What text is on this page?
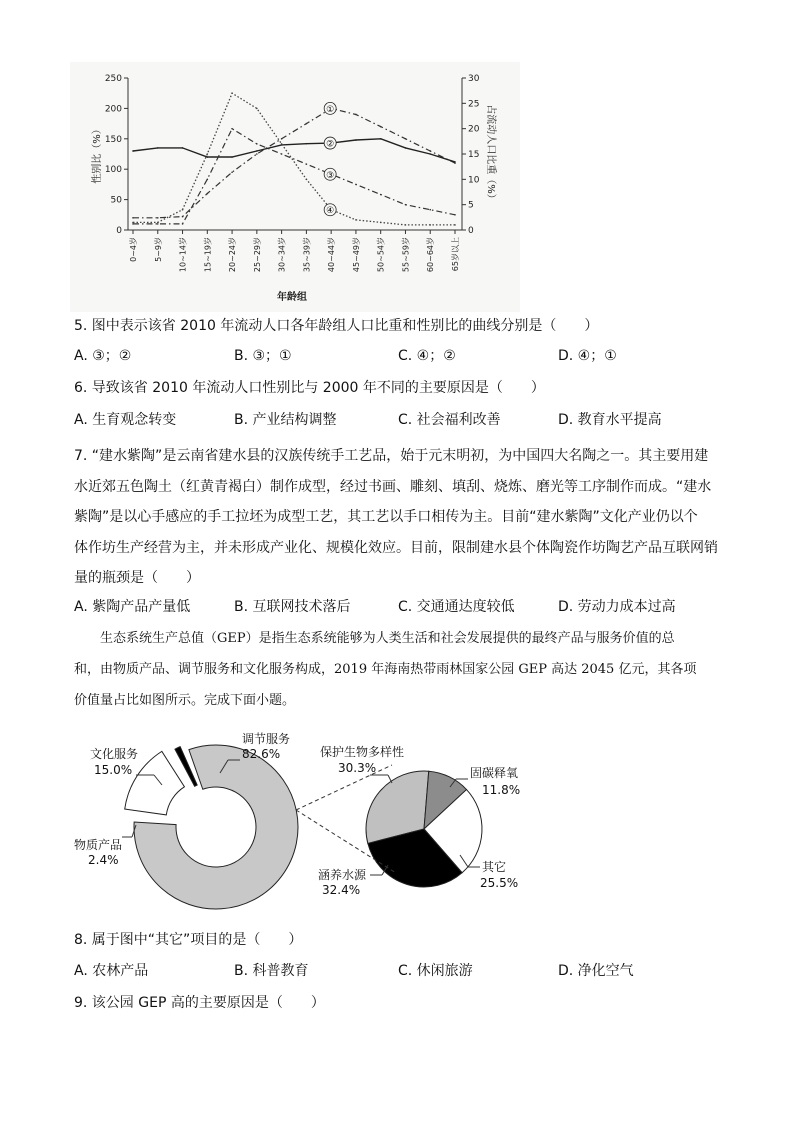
0
50
100
150
200
250
0
5
10
15
20
25
30
0~4岁 5~9岁 10~14岁 15~19岁 20~24岁 25~29岁 30~34岁 35~39岁 40~44岁 45~49岁 50~54岁 55~59岁 60~64岁 65岁以上
①
②
③
④
性别比（%）	占流动人口比重（%）
年龄组
5. 图中表示该省 2010 年流动人口各年龄组人口比重和性别比的曲线分别是（　　）
A. ③；②	B. ③；①	C. ④；②	D. ④；①
6. 导致该省 2010 年流动人口性别比与 2000 年不同的主要原因是（　　）
A. 生育观念转变	B. 产业结构调整	C. 社会福利改善	D. 教育水平提高
7. “建水紫陶”是云南省建水县的汉族传统手工艺品，始于元末明初，为中国四大名陶之一。其主要用建
水近郊五色陶土（红黄青褐白）制作成型，经过书画、雕刻、填刮、烧炼、磨光等工序制作而成。“建水
紫陶”是以心手感应的手工拉坯为成型工艺，其工艺以手口相传为主。目前“建水紫陶”文化产业仍以个
体作坊生产经营为主，并未形成产业化、规模化效应。目前，限制建水县个体陶瓷作坊陶艺产品互联网销
量的瓶颈是（　　）
A. 紫陶产品产量低	B. 互联网技术落后	C. 交通通达度较低	D. 劳动力成本过高
　　生态系统生产总值（GEP）是指生态系统能够为人类生活和社会发展提供的最终产品与服务价值的总
和，由物质产品、调节服务和文化服务构成，2019 年海南热带雨林国家公园 GEP 高达 2045 亿元，其各项
价值量占比如图所示。完成下面小题。
调节服务
82.6%
文化服务
15.0%
物质产品
2.4%
保护生物多样性
30.3%	固碳释氧
11.8%
其它
25.5%
涵养水源
32.4%
8. 属于图中“其它”项目的是（　　）
A. 农林产品	B. 科普教育	C. 休闲旅游	D. 净化空气
9. 该公园 GEP 高的主要原因是（　　）
